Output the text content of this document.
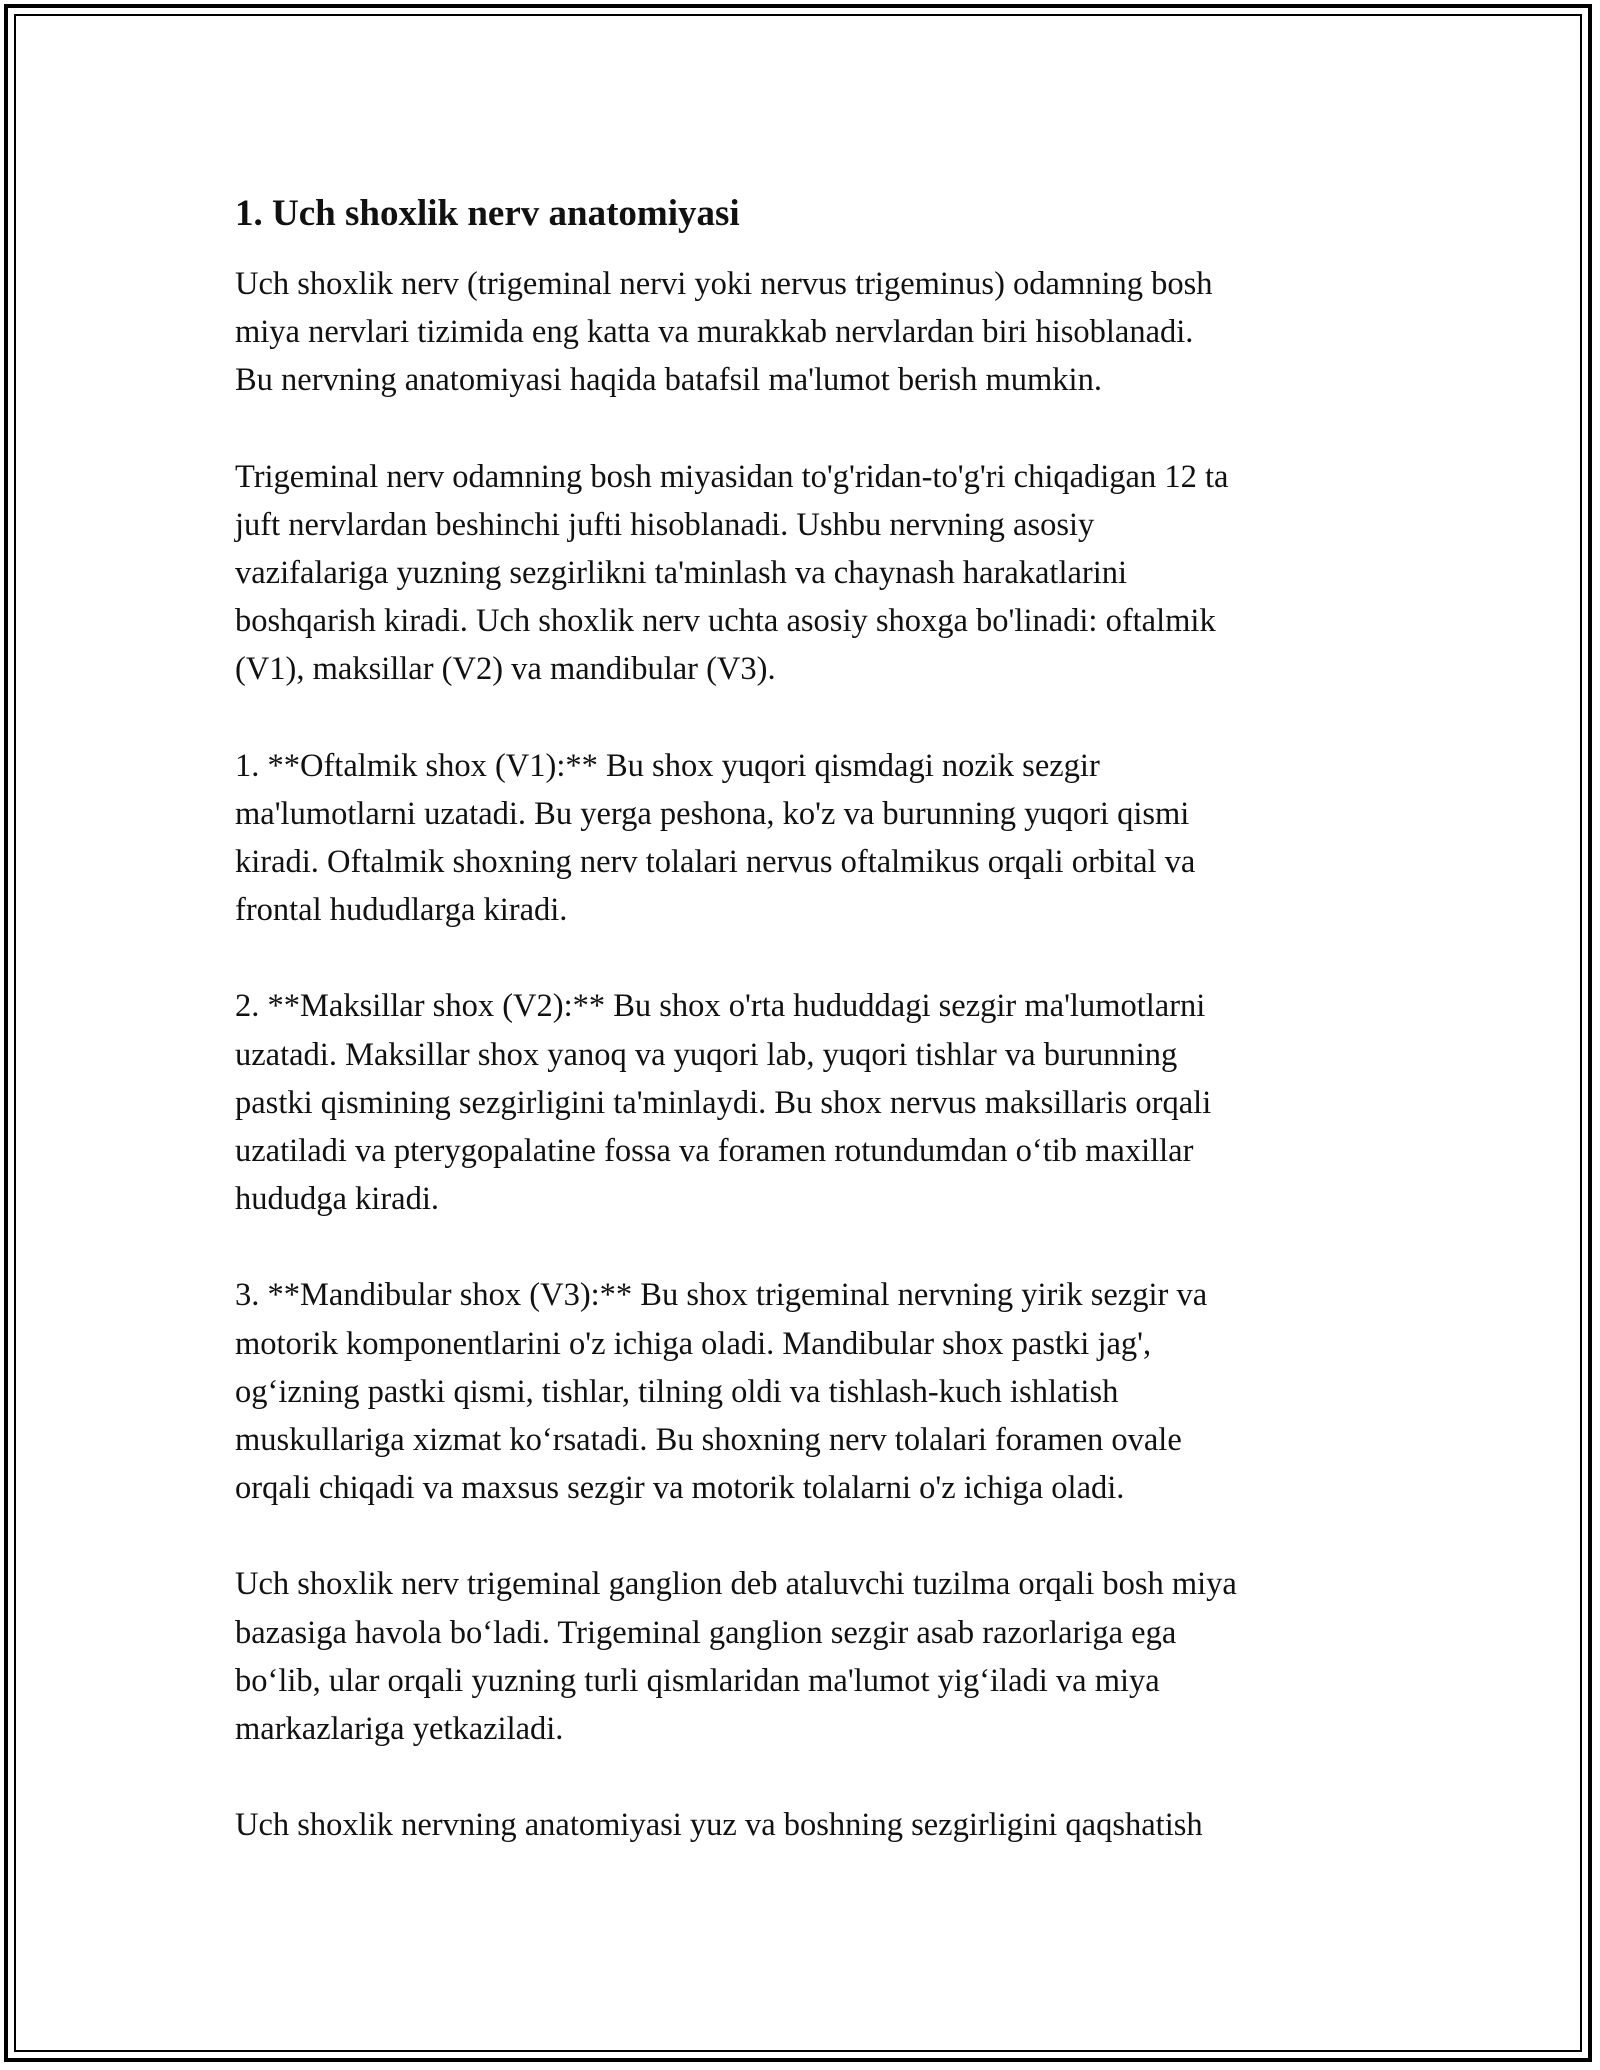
1. Uch shoxlik nerv anatomiyasi
Uch shoxlik nerv (trigeminal nervi yoki nervus trigeminus) odamning bosh
miya nervlari tizimida eng katta va murakkab nervlardan biri hisoblanadi.
Bu nervning anatomiyasi haqida batafsil ma'lumot berish mumkin.
Trigeminal nerv odamning bosh miyasidan to'g'ridan-to'g'ri chiqadigan 12 ta
juft nervlardan beshinchi jufti hisoblanadi. Ushbu nervning asosiy
vazifalariga yuzning sezgirlikni ta'minlash va chaynash harakatlarini
boshqarish kiradi. Uch shoxlik nerv uchta asosiy shoxga bo'linadi: oftalmik
(V1), maksillar (V2) va mandibular (V3).
1. **Oftalmik shox (V1):** Bu shox yuqori qismdagi nozik sezgir
ma'lumotlarni uzatadi. Bu yerga peshona, ko'z va burunning yuqori qismi
kiradi. Oftalmik shoxning nerv tolalari nervus oftalmikus orqali orbital va
frontal hududlarga kiradi.
2. **Maksillar shox (V2):** Bu shox o'rta hududdagi sezgir ma'lumotlarni
uzatadi. Maksillar shox yanoq va yuqori lab, yuqori tishlar va burunning
pastki qismining sezgirligini ta'minlaydi. Bu shox nervus maksillaris orqali
uzatiladi va pterygopalatine fossa va foramen rotundumdan o‘tib maxillar
hududga kiradi.
3. **Mandibular shox (V3):** Bu shox trigeminal nervning yirik sezgir va
motorik komponentlarini o'z ichiga oladi. Mandibular shox pastki jag',
og‘izning pastki qismi, tishlar, tilning oldi va tishlash-kuch ishlatish
muskullariga xizmat ko‘rsatadi. Bu shoxning nerv tolalari foramen ovale
orqali chiqadi va maxsus sezgir va motorik tolalarni o'z ichiga oladi.
Uch shoxlik nerv trigeminal ganglion deb ataluvchi tuzilma orqali bosh miya
bazasiga havola bo‘ladi. Trigeminal ganglion sezgir asab razorlariga ega
bo‘lib, ular orqali yuzning turli qismlaridan ma'lumot yig‘iladi va miya
markazlariga yetkaziladi.
Uch shoxlik nervning anatomiyasi yuz va boshning sezgirligini qaqshatish
